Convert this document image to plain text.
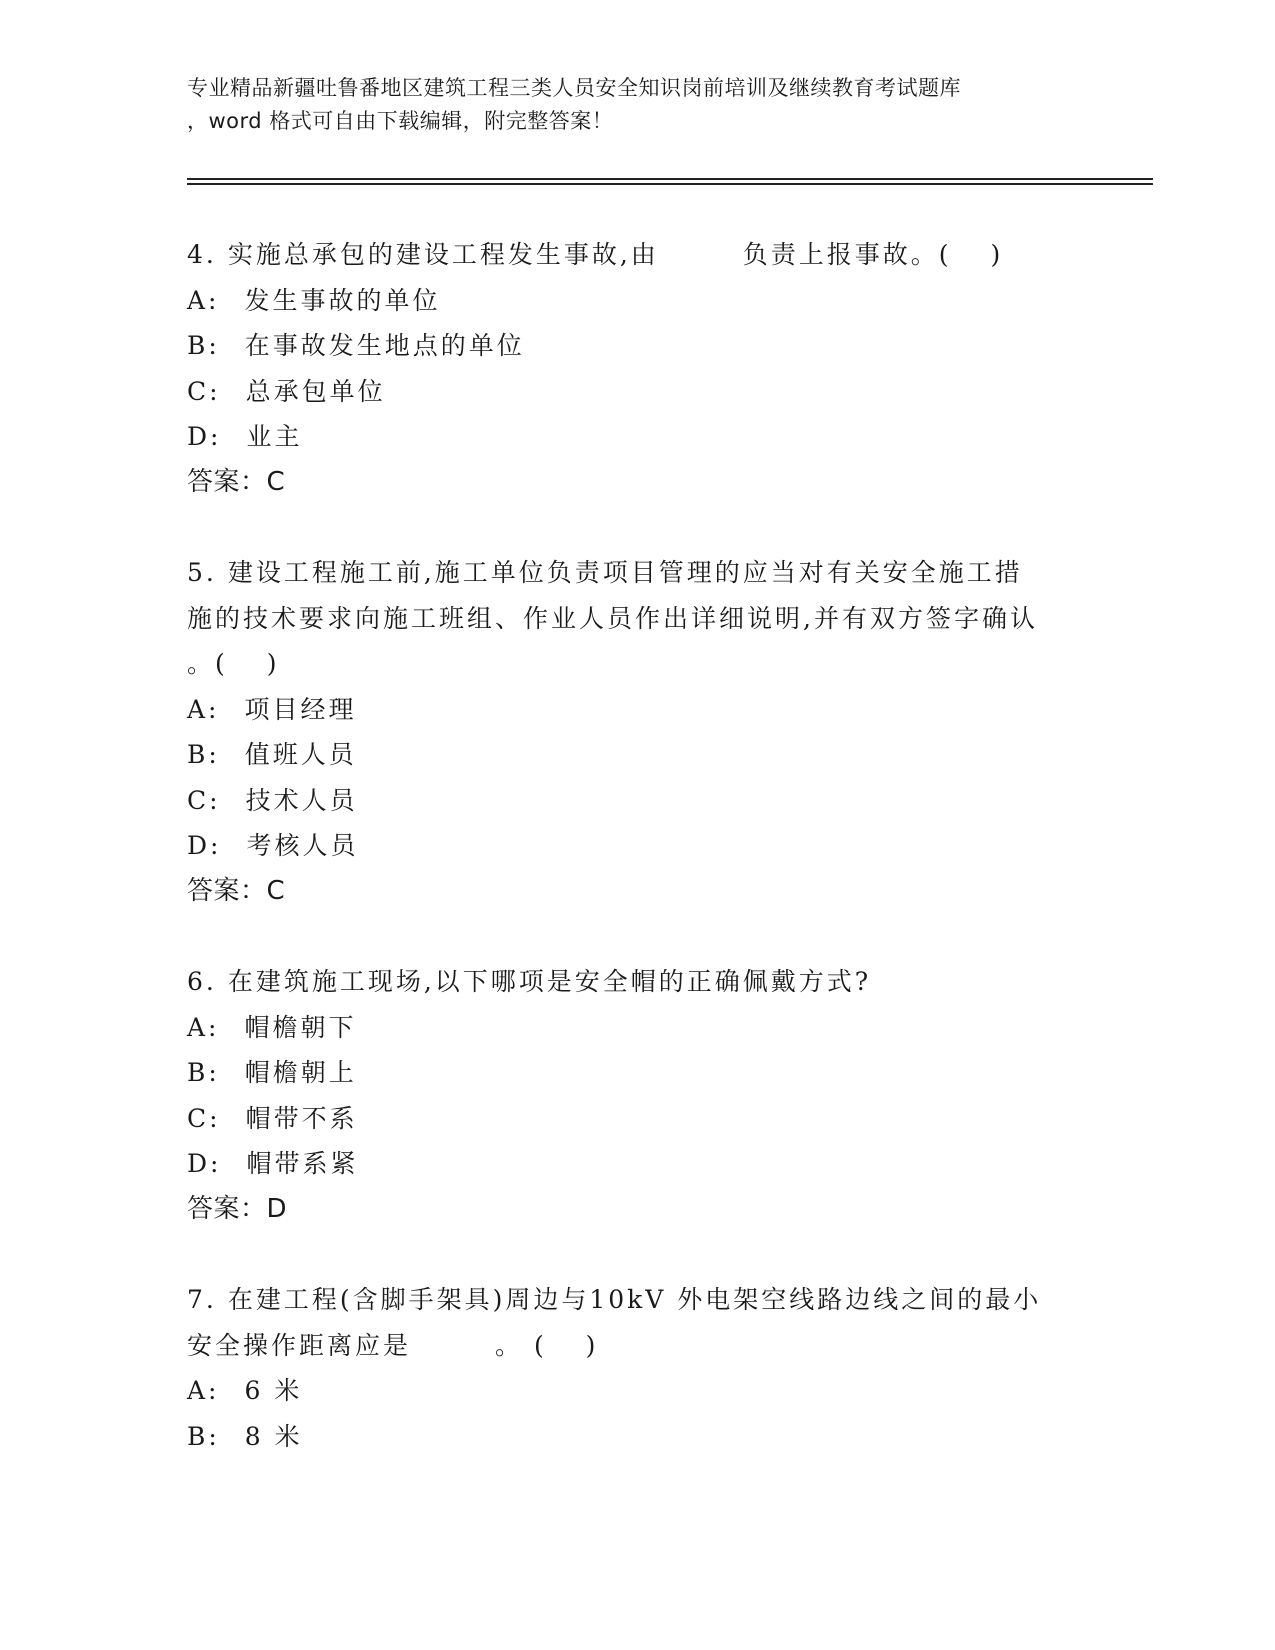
专业精品新疆吐鲁番地区建筑工程三类人员安全知识岗前培训及继续教育考试题库
，word 格式可自由下载编辑，附完整答案！
4. 实施总承包的建设工程发生事故,由　　　负责上报事故。(　 )
A: 发生事故的单位
B: 在事故发生地点的单位
C: 总承包单位
D: 业主
答案：C
5. 建设工程施工前,施工单位负责项目管理的应当对有关安全施工措
施的技术要求向施工班组、作业人员作出详细说明,并有双方签字确认
。(　 )
A: 项目经理
B: 值班人员
C: 技术人员
D: 考核人员
答案：C
6. 在建筑施工现场,以下哪项是安全帽的正确佩戴方式?
A: 帽檐朝下
B: 帽檐朝上
C: 帽带不系
D: 帽带系紧
答案：D
7. 在建工程(含脚手架具)周边与10kV 外电架空线路边线之间的最小
安全操作距离应是　　　。 (　 )
A: 6 米
B: 8 米
